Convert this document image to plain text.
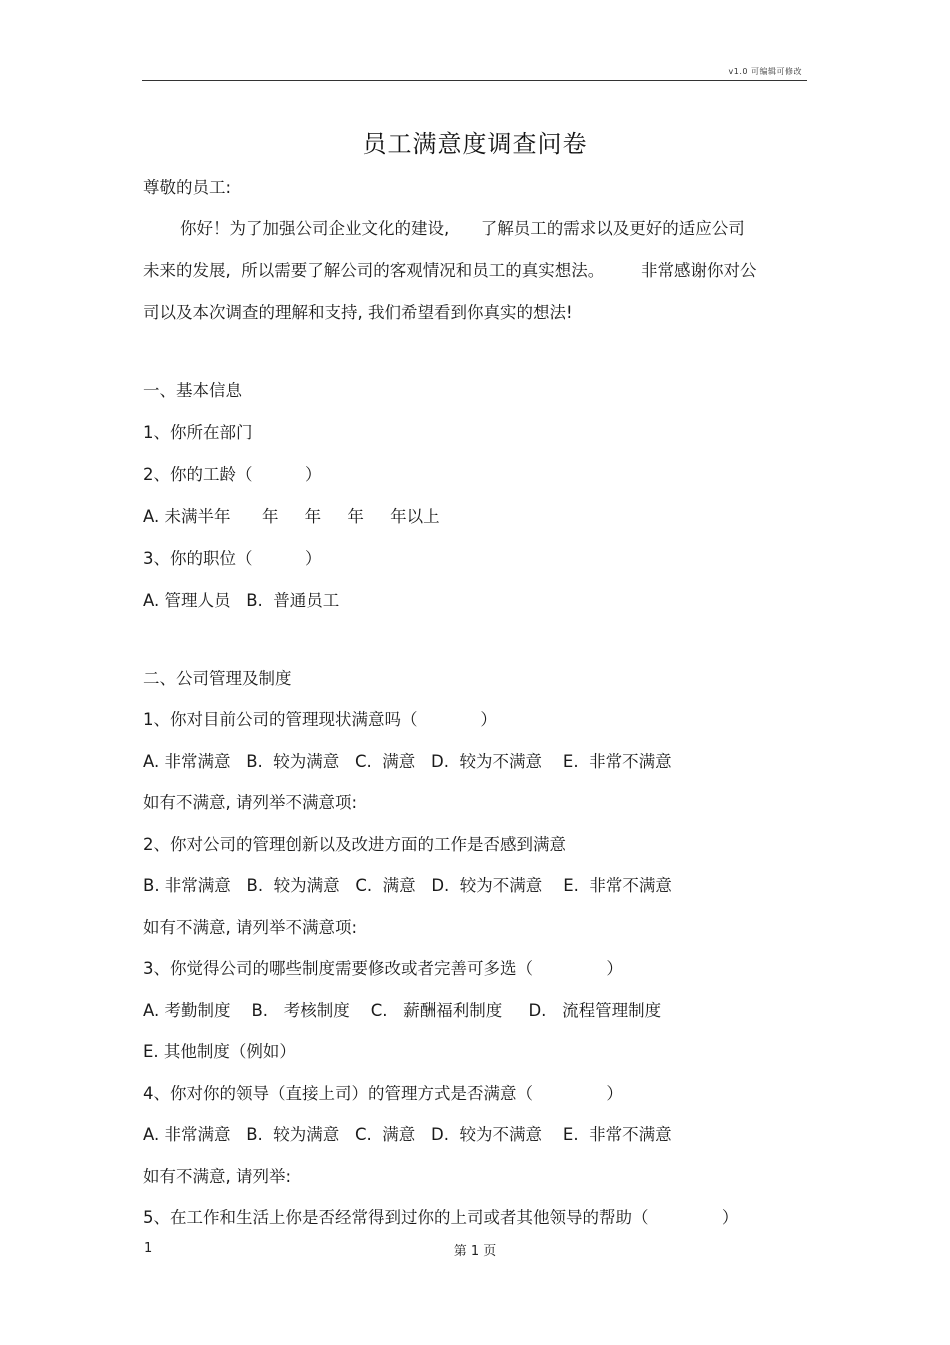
v1.0 可编辑可修改
员工满意度调查问卷
尊敬的员工:
你好！为了加强公司企业文化的建设,      了解员工的需求以及更好的适应公司
未来的发展,  所以需要了解公司的客观情况和员工的真实想法。       非常感谢你对公
司以及本次调查的理解和支持, 我们希望看到你真实的想法!
一、基本信息
1、你所在部门
2、你的工龄（          ）
A. 未满半年      年     年     年     年以上
3、你的职位（          ）
A. 管理人员   B.  普通员工
二、公司管理及制度
1、你对目前公司的管理现状满意吗（            ）
A. 非常满意   B.  较为满意   C.  满意   D.  较为不满意    E.  非常不满意
如有不满意, 请列举不满意项:
2、你对公司的管理创新以及改进方面的工作是否感到满意
B. 非常满意   B.  较为满意   C.  满意   D.  较为不满意    E.  非常不满意
如有不满意, 请列举不满意项:
3、你觉得公司的哪些制度需要修改或者完善可多选（              ）
A. 考勤制度    B.   考核制度    C.   薪酬福利制度     D.   流程管理制度
E. 其他制度（例如）
4、你对你的领导（直接上司）的管理方式是否满意（              ）
A. 非常满意   B.  较为满意   C.  满意   D.  较为不满意    E.  非常不满意
如有不满意, 请列举:
5、在工作和生活上你是否经常得到过你的上司或者其他领导的帮助（              ）
1	第 1 页
